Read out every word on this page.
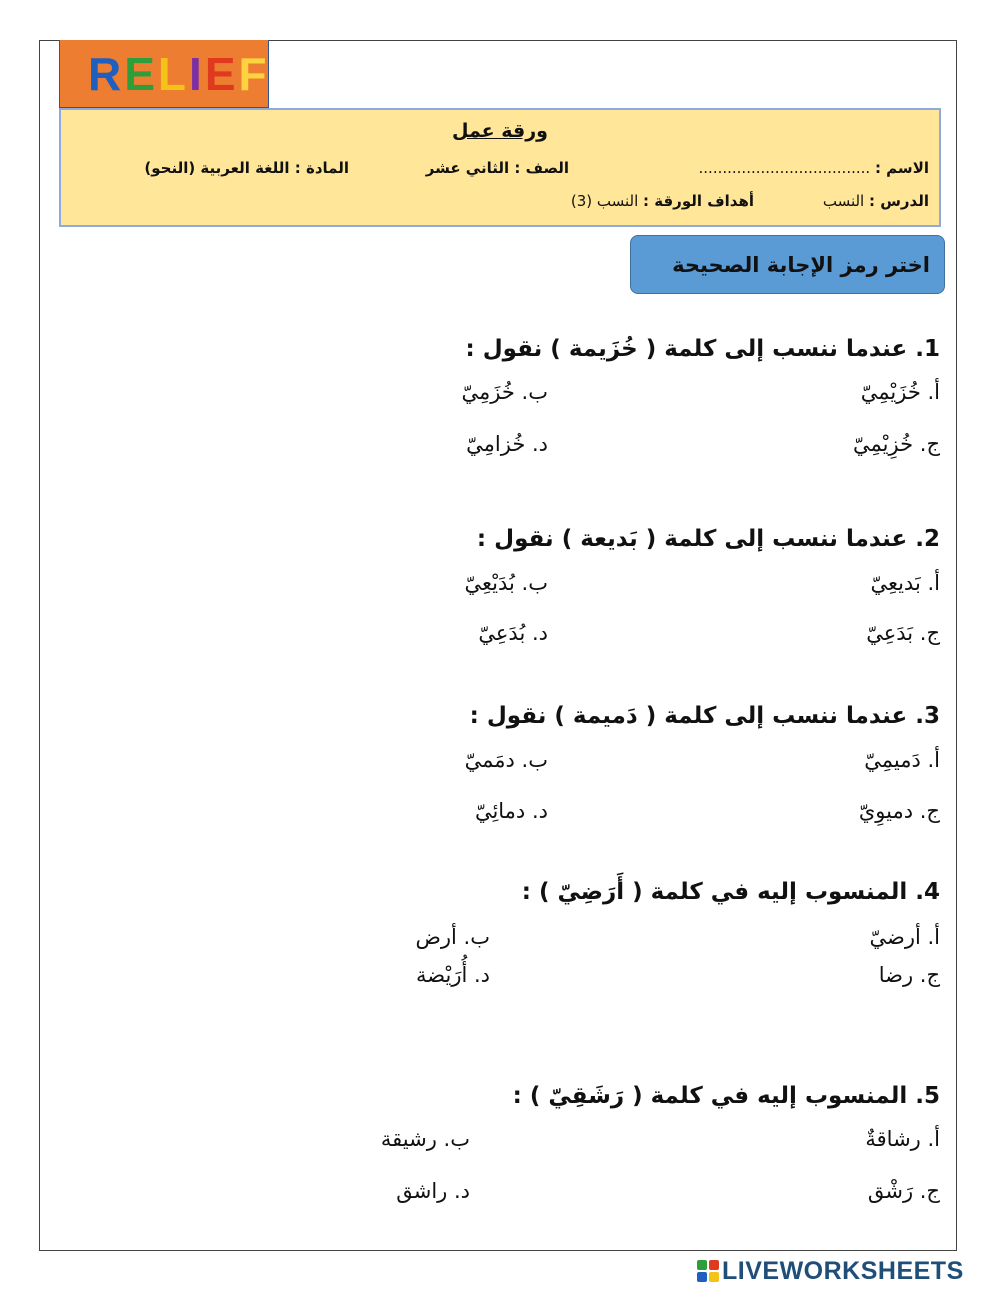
R E L I E F
ورقة عمل
الاسم : ....................................
الصف : الثاني عشر
المادة : اللغة العربية (النحو)
الدرس : النسب
أهداف الورقة : النسب (3)
اختر رمز الإجابة الصحيحة
1. عندما ننسب إلى كلمة ( خُزَيمة ) نقول :
أ. خُزَيْمِيّ
ب. خُزَمِيّ
ج. خُزِيْمِيّ
د. خُزامِيّ
2. عندما ننسب إلى كلمة ( بَديعة ) نقول :
أ. بَديعِيّ
ب. بُدَيْعِيّ
ج. بَدَعِيّ
د. بُدَعِيّ
3. عندما ننسب إلى كلمة ( دَميمة ) نقول :
أ. دَميمِيّ
ب. دمَميّ
ج. دميوِيّ
د. دمائِيّ
4. المنسوب إليه في كلمة ( أَرَضِيّ ) :
أ. أرضيّ
ب. أرض
ج. رضا
د. أُرَيْضة
5. المنسوب إليه في كلمة ( رَشَقِيّ ) :
أ. رشاقةٌ
ب. رشيقة
ج. رَشْق
د. راشق
LIVEWORKSHEETS
